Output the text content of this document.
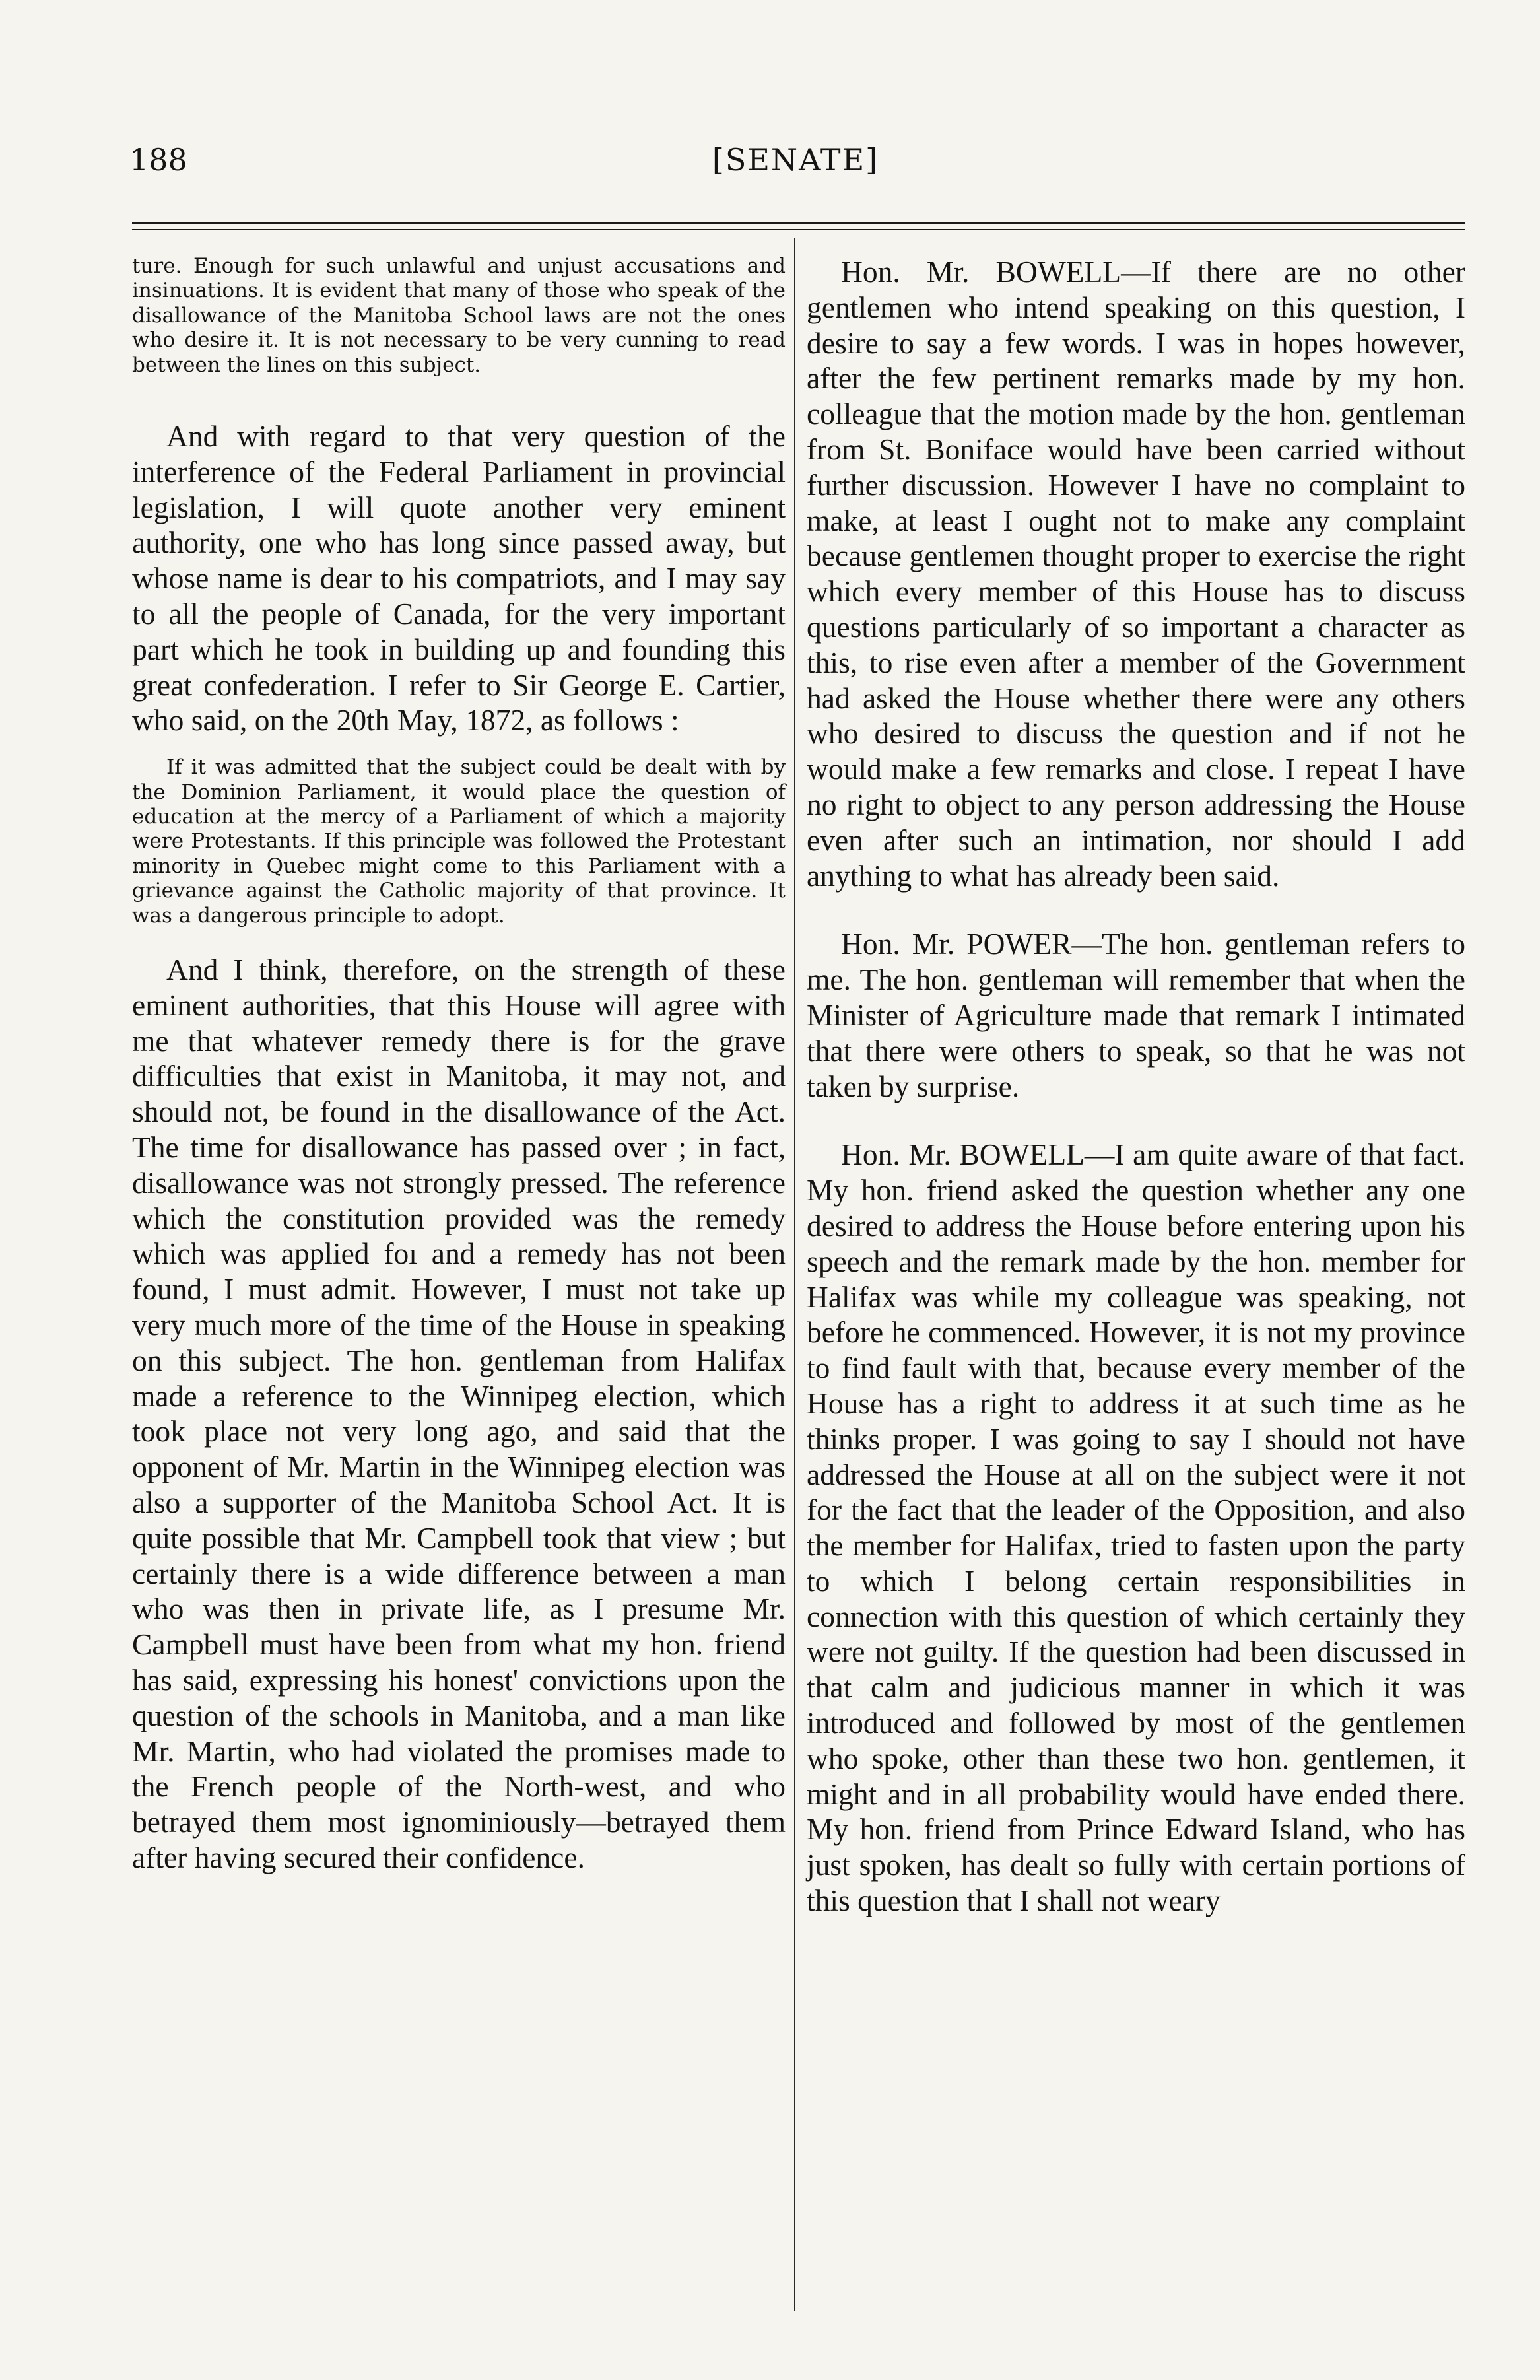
188	[SENATE]

ture. Enough for such unlawful and unjust accusations and insinuations. It is evident that many of those who speak of the disallowance of the Manitoba School laws are not the ones who desire it. It is not necessary to be very cunning to read between the lines on this subject.

And with regard to that very question of the interference of the Federal Parliament in provincial legislation, I will quote another very eminent authority, one who has long since passed away, but whose name is dear to his compatriots, and I may say to all the people of Canada, for the very important part which he took in building up and founding this great confederation. I refer to Sir George E. Cartier, who said, on the 20th May, 1872, as follows :

If it was admitted that the subject could be dealt with by the Dominion Parliament, it would place the question of education at the mercy of a Parliament of which a majority were Protestants. If this principle was followed the Protestant minority in Quebec might come to this Parliament with a grievance against the Catholic majority of that province. It was a dangerous principle to adopt.

And I think, therefore, on the strength of these eminent authorities, that this House will agree with me that whatever remedy there is for the grave difficulties that exist in Manitoba, it may not, and should not, be found in the disallowance of the Act. The time for disallowance has passed over ; in fact, disallowance was not strongly pressed. The reference which the constitution provided was the remedy which was applied foı and a remedy has not been found, I must admit. However, I must not take up very much more of the time of the House in speaking on this subject. The hon. gentleman from Halifax made a reference to the Winnipeg election, which took place not very long ago, and said that the opponent of Mr. Martin in the Winnipeg election was also a supporter of the Manitoba School Act. It is quite possible that Mr. Campbell took that view ; but certainly there is a wide difference between a man who was then in private life, as I presume Mr. Campbell must have been from what my hon. friend has said, expressing his honest' convictions upon the question of the schools in Manitoba, and a man like Mr. Martin, who had violated the promises made to the French people of the North-west, and who betrayed them most ignominiously—betrayed them after having secured their confidence.

Hon. Mr. BOWELL—If there are no other gentlemen who intend speaking on this question, I desire to say a few words. I was in hopes however, after the few pertinent remarks made by my hon. colleague that the motion made by the hon. gentleman from St. Boniface would have been carried without further discussion. However I have no complaint to make, at least I ought not to make any complaint because gentlemen thought proper to exercise the right which every member of this House has to discuss questions particularly of so important a character as this, to rise even after a member of the Government had asked the House whether there were any others who desired to discuss the question and if not he would make a few remarks and close. I repeat I have no right to object to any person addressing the House even after such an intimation, nor should I add anything to what has already been said.

Hon. Mr. POWER—The hon. gentleman refers to me. The hon. gentleman will remember that when the Minister of Agriculture made that remark I intimated that there were others to speak, so that he was not taken by surprise.

Hon. Mr. BOWELL—I am quite aware of that fact. My hon. friend asked the question whether any one desired to address the House before entering upon his speech and the remark made by the hon. member for Halifax was while my colleague was speaking, not before he commenced. However, it is not my province to find fault with that, because every member of the House has a right to address it at such time as he thinks proper. I was going to say I should not have addressed the House at all on the subject were it not for the fact that the leader of the Opposition, and also the member for Halifax, tried to fasten upon the party to which I belong certain responsibilities in connection with this question of which certainly they were not guilty. If the question had been discussed in that calm and judicious manner in which it was introduced and followed by most of the gentlemen who spoke, other than these two hon. gentlemen, it might and in all probability would have ended there. My hon. friend from Prince Edward Island, who has just spoken, has dealt so fully with certain portions of this question that I shall not weary
